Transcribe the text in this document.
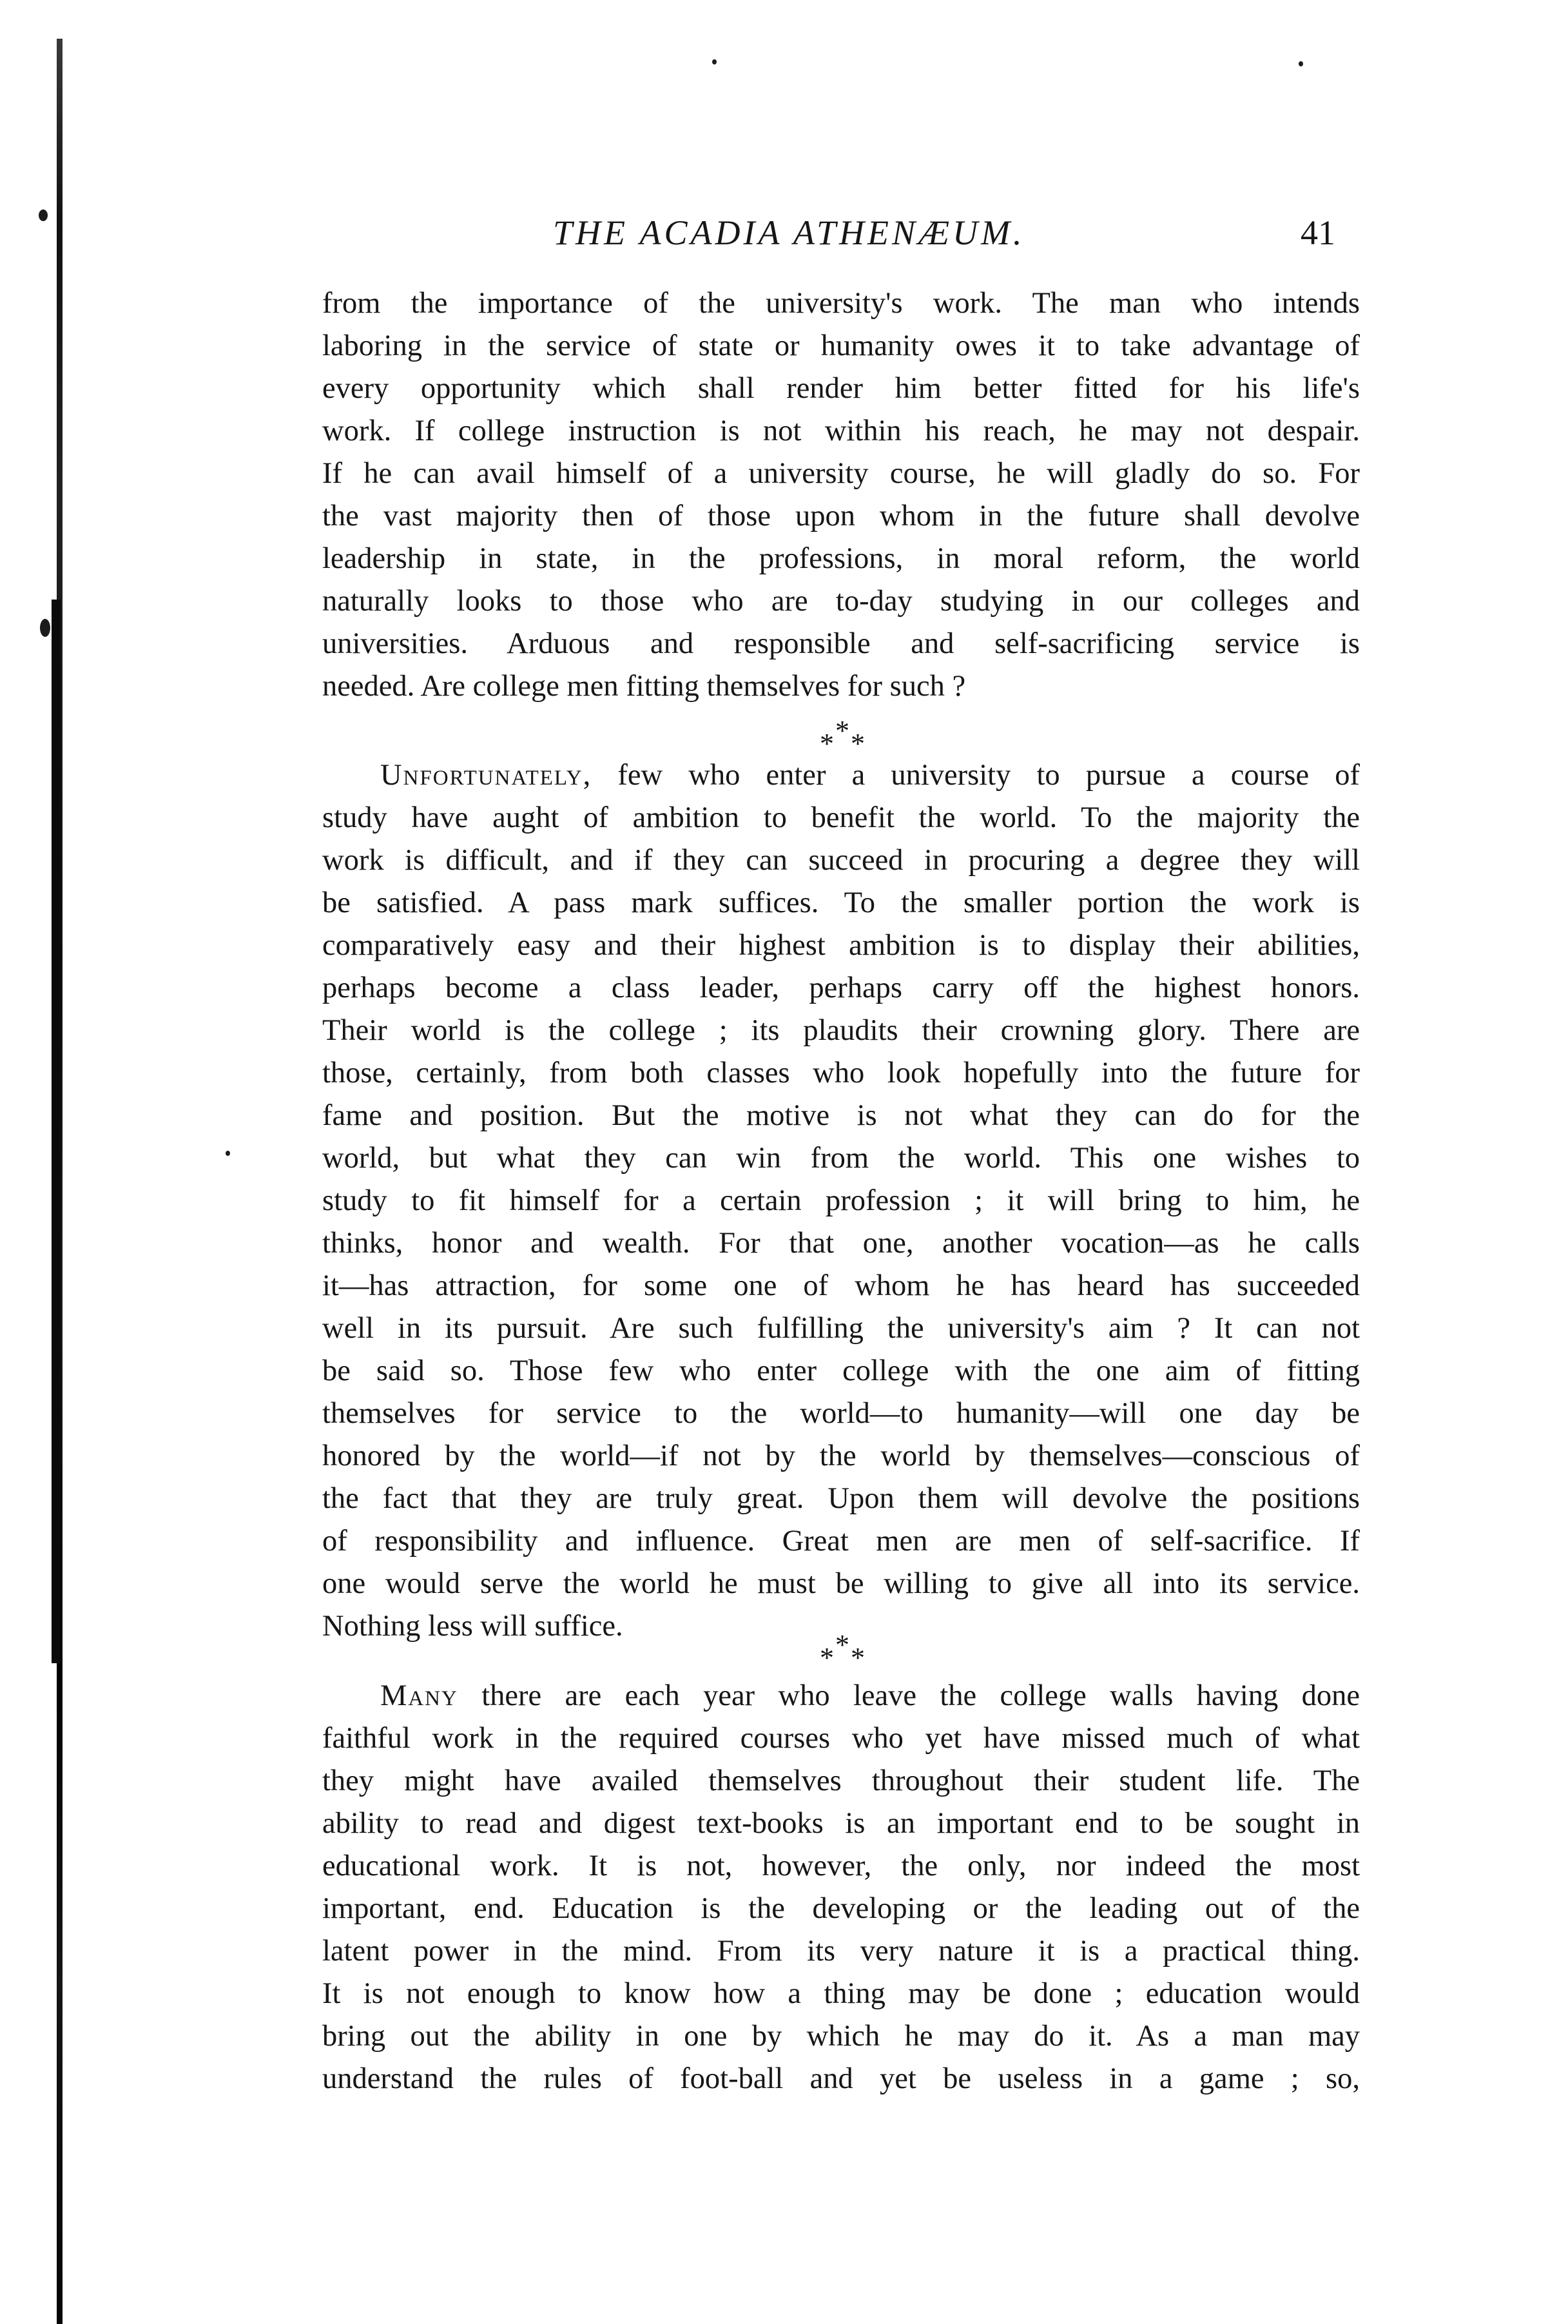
THE ACADIA ATHENÆUM.	41
from the importance of the university's work. The man who intends
laboring in the service of state or humanity owes it to take advantage of
every opportunity which shall render him better fitted for his life's
work. If college instruction is not within his reach, he may not despair.
If he can avail himself of a university course, he will gladly do so. For
the vast majority then of those upon whom in the future shall devolve
leadership in state, in the professions, in moral reform, the world
naturally looks to those who are to-day studying in our colleges and
universities. Arduous and responsible and self-sacrificing service is
needed. Are college men fitting themselves for such ?
* * *
Unfortunately, few who enter a university to pursue a course of
study have aught of ambition to benefit the world. To the majority the
work is difficult, and if they can succeed in procuring a degree they will
be satisfied. A pass mark suffices. To the smaller portion the work is
comparatively easy and their highest ambition is to display their abilities,
perhaps become a class leader, perhaps carry off the highest honors.
Their world is the college ; its plaudits their crowning glory. There are
those, certainly, from both classes who look hopefully into the future for
fame and position. But the motive is not what they can do for the
world, but what they can win from the world. This one wishes to
study to fit himself for a certain profession ; it will bring to him, he
thinks, honor and wealth. For that one, another vocation—as he calls
it—has attraction, for some one of whom he has heard has succeeded
well in its pursuit. Are such fulfilling the university's aim ? It can not
be said so. Those few who enter college with the one aim of fitting
themselves for service to the world—to humanity—will one day be
honored by the world—if not by the world by themselves—conscious of
the fact that they are truly great. Upon them will devolve the positions
of responsibility and influence. Great men are men of self-sacrifice. If
one would serve the world he must be willing to give all into its service.
Nothing less will suffice.
* * *
Many there are each year who leave the college walls having done
faithful work in the required courses who yet have missed much of what
they might have availed themselves throughout their student life. The
ability to read and digest text-books is an important end to be sought in
educational work. It is not, however, the only, nor indeed the most
important, end. Education is the developing or the leading out of the
latent power in the mind. From its very nature it is a practical thing.
It is not enough to know how a thing may be done ; education would
bring out the ability in one by which he may do it. As a man may
understand the rules of foot-ball and yet be useless in a game ; so,
